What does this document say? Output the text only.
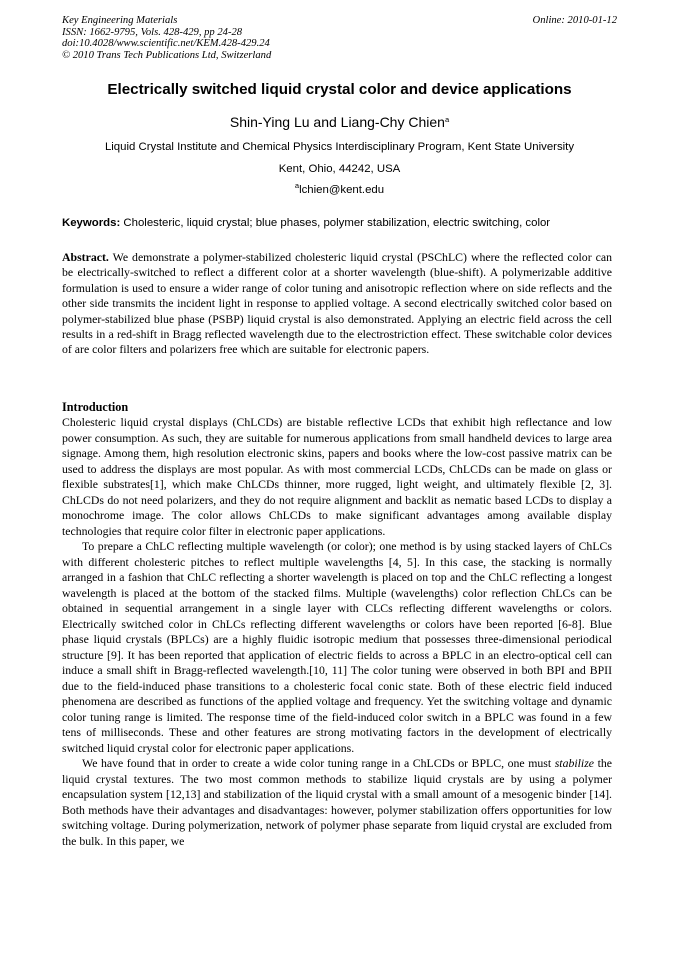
Key Engineering Materials
ISSN: 1662-9795, Vols. 428-429, pp 24-28
doi:10.4028/www.scientific.net/KEM.428-429.24
© 2010 Trans Tech Publications Ltd, Switzerland
Online: 2010-01-12
Electrically switched liquid crystal color and device applications
Shin-Ying Lu and Liang-Chy Chien$^a$
Liquid Crystal Institute and Chemical Physics Interdisciplinary Program, Kent State University
Kent, Ohio, 44242, USA
$^a$lchien@kent.edu
Keywords: Cholesteric, liquid crystal; blue phases, polymer stabilization, electric switching, color
Abstract. We demonstrate a polymer-stabilized cholesteric liquid crystal (PSChLC) where the reflected color can be electrically-switched to reflect a different color at a shorter wavelength (blue-shift). A polymerizable additive formulation is used to ensure a wider range of color tuning and anisotropic reflection where on side reflects and the other side transmits the incident light in response to applied voltage. A second electrically switched color based on polymer-stabilized blue phase (PSBP) liquid crystal is also demonstrated. Applying an electric field across the cell results in a red-shift in Bragg reflected wavelength due to the electrostriction effect. These switchable color devices of are color filters and polarizers free which are suitable for electronic papers.
Introduction

Cholesteric liquid crystal displays (ChLCDs) are bistable reflective LCDs that exhibit high reflectance and low power consumption. As such, they are suitable for numerous applications from small handheld devices to large area signage. Among them, high resolution electronic skins, papers and books where the low-cost passive matrix can be used to address the displays are most popular. As with most commercial LCDs, ChLCDs can be made on glass or flexible substrates[1], which make ChLCDs thinner, more rugged, light weight, and ultimately flexible [2, 3]. ChLCDs do not need polarizers, and they do not require alignment and backlit as nematic based LCDs to display a monochrome image. The color allows ChLCDs to make significant advantages among available display technologies that require color filter in electronic paper applications.

To prepare a ChLC reflecting multiple wavelength (or color); one method is by using stacked layers of ChLCs with different cholesteric pitches to reflect multiple wavelengths [4, 5]. In this case, the stacking is normally arranged in a fashion that ChLC reflecting a shorter wavelength is placed on top and the ChLC reflecting a longest wavelength is placed at the bottom of the stacked films. Multiple (wavelengths) color reflection ChLCs can be obtained in sequential arrangement in a single layer with CLCs reflecting different wavelengths or colors. Electrically switched color in ChLCs reflecting different wavelengths or colors have been reported [6-8]. Blue phase liquid crystals (BPLCs) are a highly fluidic isotropic medium that possesses three-dimensional periodical structure [9]. It has been reported that application of electric fields to across a BPLC in an electro-optical cell can induce a small shift in Bragg-reflected wavelength.[10, 11] The color tuning were observed in both BPI and BPII due to the field-induced phase transitions to a cholesteric focal conic state. Both of these electric field induced phenomena are described as functions of the applied voltage and frequency. Yet the switching voltage and dynamic color tuning range is limited. The response time of the field-induced color switch in a BPLC was found in a few tens of milliseconds. These and other features are strong motivating factors in the development of electrically switched liquid crystal color for electronic paper applications.

We have found that in order to create a wide color tuning range in a ChLCDs or BPLC, one must stabilize the liquid crystal textures. The two most common methods to stabilize liquid crystals are by using a polymer encapsulation system [12,13] and stabilization of the liquid crystal with a small amount of a mesogenic binder [14]. Both methods have their advantages and disadvantages: however, polymer stabilization offers opportunities for low switching voltage. During polymerization, network of polymer phase separate from liquid crystal are excluded from the bulk. In this paper, we
